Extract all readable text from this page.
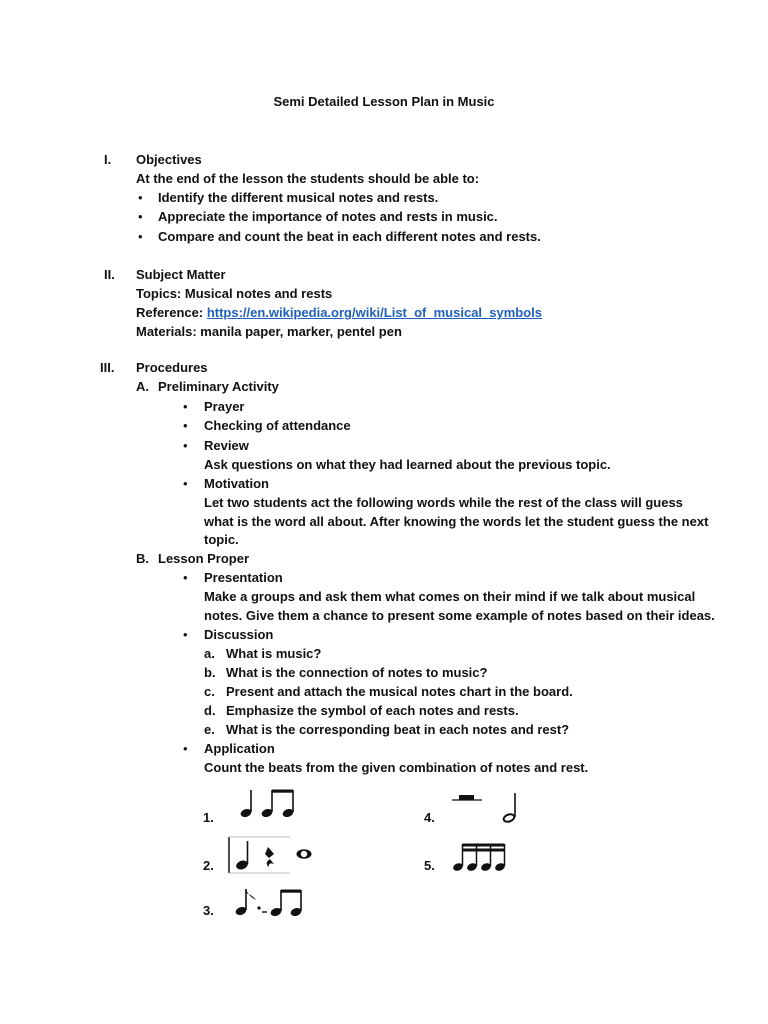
Semi Detailed Lesson Plan in Music
I. Objectives
At the end of the lesson the students should be able to:
• Identify the different musical notes and rests.
• Appreciate the importance of notes and rests in music.
• Compare and count the beat in each different notes and rests.
II. Subject Matter
Topics: Musical notes and rests
Reference: https://en.wikipedia.org/wiki/List_of_musical_symbols
Materials: manila paper, marker, pentel pen
III. Procedures
A. Preliminary Activity
• Prayer
• Checking of attendance
• Review
Ask questions on what they had learned about the previous topic.
• Motivation
Let two students act the following words while the rest of the class will guess
what is the word all about. After knowing the words let the student guess the next
topic.
B. Lesson Proper
• Presentation
Make a groups and ask them what comes on their mind if we talk about musical
notes. Give them a chance to present some example of notes based on their ideas.
• Discussion
a. What is music?
b. What is the connection of notes to music?
c. Present and attach the musical notes chart in the board.
d. Emphasize the symbol of each notes and rests.
e. What is the corresponding beat in each notes and rest?
• Application
Count the beats from the given combination of notes and rest.
1.
2.
3.
4.
5.
